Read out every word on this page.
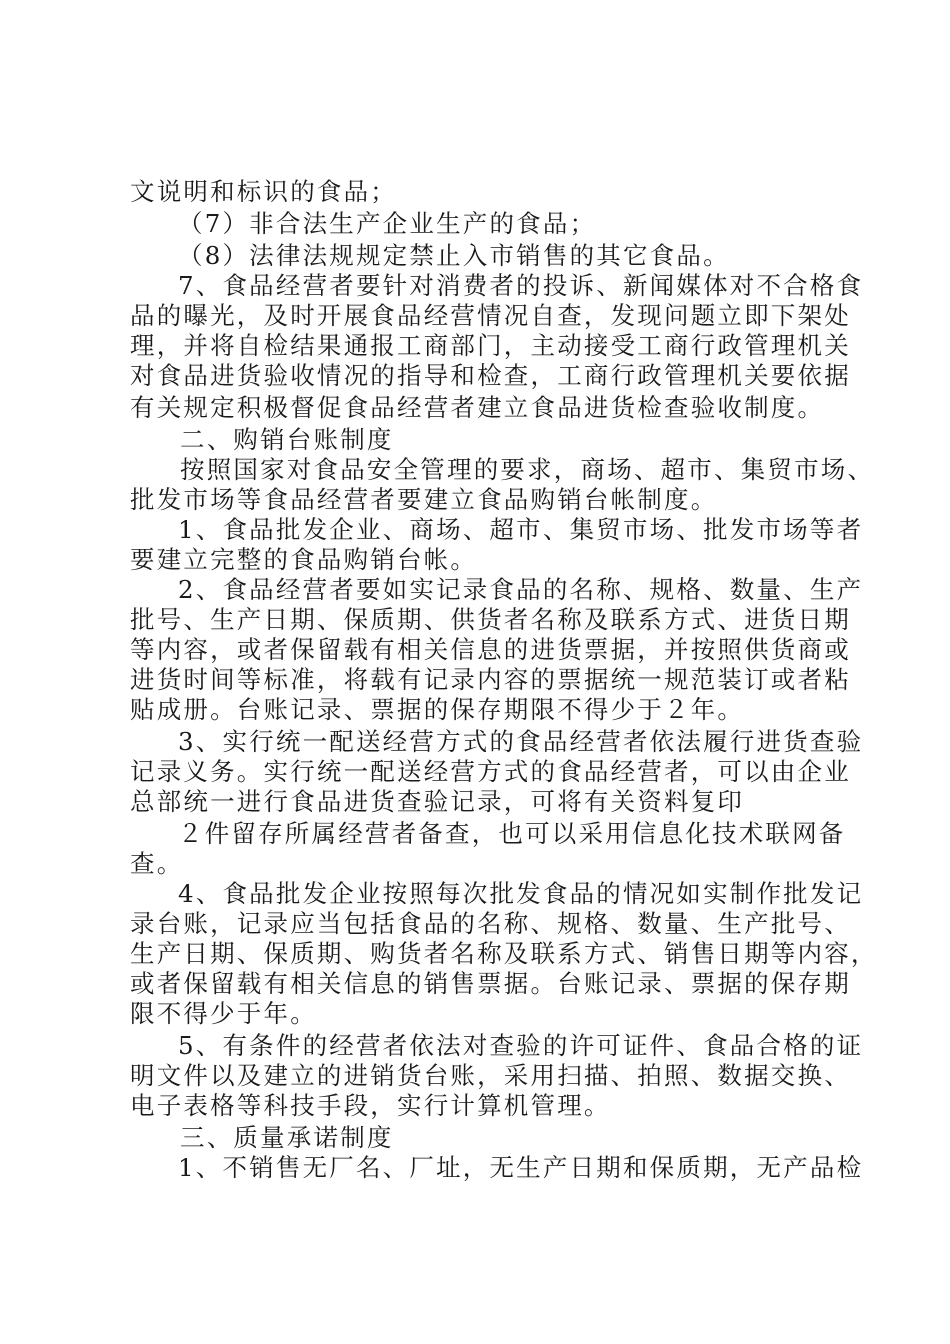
文说明和标识的食品；
（7）非合法生产企业生产的食品；
（8）法律法规规定禁止入市销售的其它食品。
7、食品经营者要针对消费者的投诉、新闻媒体对不合格食
品的曝光，及时开展食品经营情况自查，发现问题立即下架处
理，并将自检结果通报工商部门，主动接受工商行政管理机关
对食品进货验收情况的指导和检查，工商行政管理机关要依据
有关规定积极督促食品经营者建立食品进货检查验收制度。
二、购销台账制度
按照国家对食品安全管理的要求，商场、超市、集贸市场、
批发市场等食品经营者要建立食品购销台帐制度。
1、食品批发企业、商场、超市、集贸市场、批发市场等者
要建立完整的食品购销台帐。
2、食品经营者要如实记录食品的名称、规格、数量、生产
批号、生产日期、保质期、供货者名称及联系方式、进货日期
等内容，或者保留载有相关信息的进货票据，并按照供货商或
进货时间等标准，将载有记录内容的票据统一规范装订或者粘
贴成册。台账记录、票据的保存期限不得少于２年。
3、实行统一配送经营方式的食品经营者依法履行进货查验
记录义务。实行统一配送经营方式的食品经营者，可以由企业
总部统一进行食品进货查验记录，可将有关资料复印
２件留存所属经营者备查，也可以采用信息化技术联网备
查。
4、食品批发企业按照每次批发食品的情况如实制作批发记
录台账，记录应当包括食品的名称、规格、数量、生产批号、
生产日期、保质期、购货者名称及联系方式、销售日期等内容，
或者保留载有相关信息的销售票据。台账记录、票据的保存期
限不得少于年。
5、有条件的经营者依法对查验的许可证件、食品合格的证
明文件以及建立的进销货台账，采用扫描、拍照、数据交换、
电子表格等科技手段，实行计算机管理。
三、质量承诺制度
1、不销售无厂名、厂址，无生产日期和保质期，无产品检
